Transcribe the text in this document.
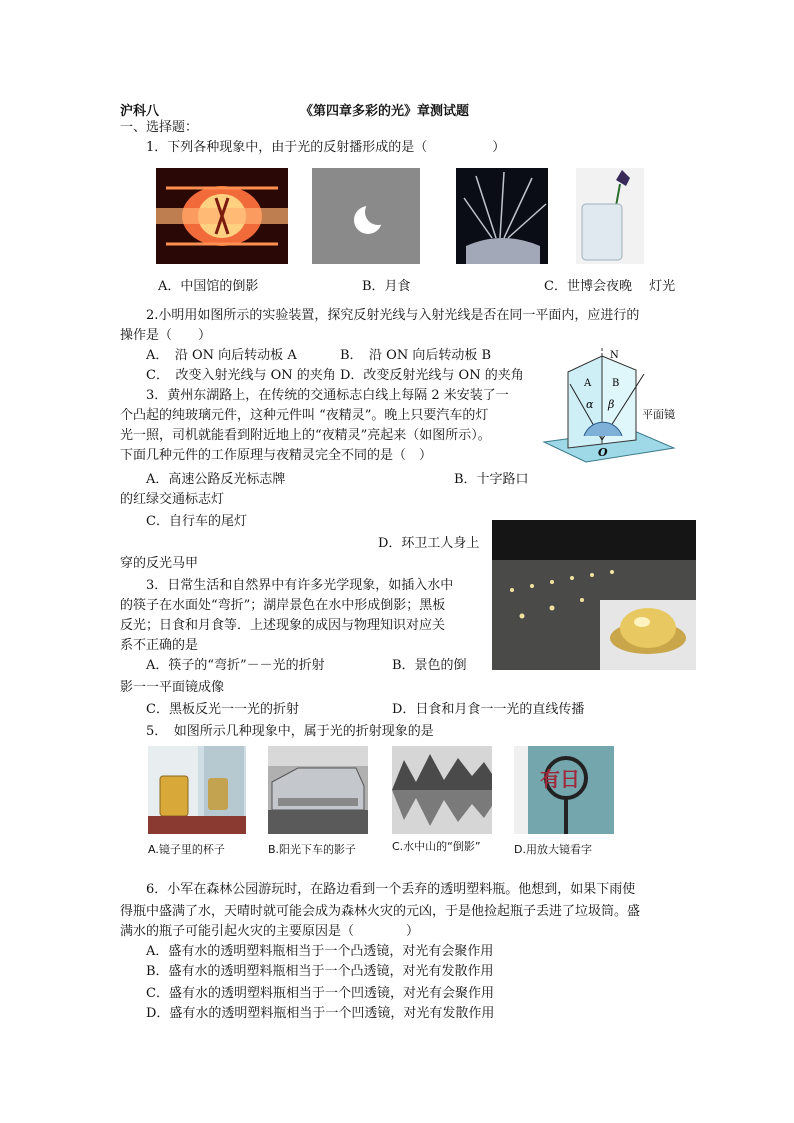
沪科八	《第四章多彩的光》章测试题
一、选择题：
1．下列各种现象中，由于光的反射播形成的是（　　　　　）
A．中国馆的倒影	B．月食	C．世博会夜晚　 灯光
2.小明用如图所示的实验装置，探究反射光线与入射光线是否在同一平面内，应进行的
操作是（　　）
A．　沿 ON 向后转动板 A	B．　沿 ON 向后转动板 B
C．　改变入射光线与 ON 的夹角 D．改变反射光线与 ON 的夹角
N
A B
α β
平面镜
O
3．黄州东湖路上，在传统的交通标志白线上每隔 2 米安装了一
个凸起的纯玻璃元件，这种元件叫 “夜精灵”。晚上只要汽车的灯
光一照，司机就能看到附近地上的“夜精灵”亮起来（如图所示）。
下面几种元件的工作原理与夜精灵完全不同的是（　）
A．高速公路反光标志牌	B．十字路口
的红绿交通标志灯
C．自行车的尾灯
D．环卫工人身上
穿的反光马甲
3．日常生活和自然界中有许多光学现象，如插入水中
的筷子在水面处“弯折”；湖岸景色在水中形成倒影；黑板
反光；日食和月食等．上述现象的成因与物理知识对应关
系不正确的是
A．筷子的“弯折”－－光的折射	B．景色的倒
影一一平面镜成像
C．黑板反光一一光的折射	D．日食和月食一一光的直线传播
5．　如图所示几种现象中，属于光的折射现象的是
有日
A.镜子里的杯子	B.阳光下车的影子	C.水中山的“倒影”	D.用放大镜看字
6．小军在森林公园游玩时，在路边看到一个丢弃的透明塑料瓶。他想到，如果下雨使
得瓶中盛满了水，天晴时就可能会成为森林火灾的元凶，于是他捡起瓶子丢进了垃圾筒。盛
满水的瓶子可能引起火灾的主要原因是（　　　　）
A．盛有水的透明塑料瓶相当于一个凸透镜，对光有会聚作用
B．盛有水的透明塑料瓶相当于一个凸透镜，对光有发散作用
C．盛有水的透明塑料瓶相当于一个凹透镜，对光有会聚作用
D．盛有水的透明塑料瓶相当于一个凹透镜，对光有发散作用
